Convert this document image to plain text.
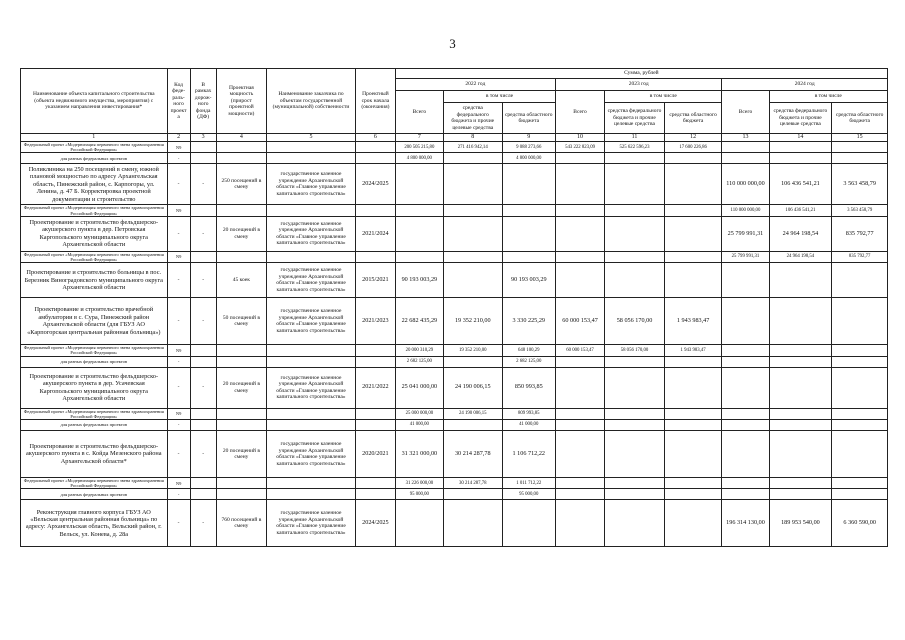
3
Наименование объекта капитального строительства (объекта недвижимого имущества, мероприятия) с указанием направления инвестирования*	Код феде-раль-ного проекта	В рамках дорож-ного фонда (ДФ)	Проектная мощность (прирост проектной мощности)	Наименование заказчика по объектам государственной (муниципальной) собственности	Проектный срок начала (окончания)	Сумма, рублей								
						2022 год			2023 год			2024 год		
						Всего	в том числе		Всего	в том числе		Всего	в том числе	
							средства федерального бюджета и прочие целевые средства	средства областного бюджета		средства федерального бюджета и прочие целевые средства	средства областного бюджета		средства федерального бюджета и прочие целевые средства	средства областного бюджета
1	2	3	4	5	6	7	8	9	10	11	12	13	14	15
Федеральный проект «Модернизация первичного звена здравоохранения Российской Федерации»	N9					200 505 215,80	271 416 942,14	9 088 273,66	543 222 823,09	525 622 596,23	17 600 226,86			
для разных федеральных проектов	-					4 800 000,00		4 800 000,00						
Поликлиника на 250 посещений в смену, южной плановой мощностью по адресу Архангельская область, Пинежский район, с. Карпогоры, ул. Ленина, д. 47 Б. Корректировка проектной документации и строительство	-	-	250 посещений в смену	государственное казенное учреждение Архангельской области «Главное управление капитального строительства»	2024/2025							110 000 000,00	106 436 541,21	3 563 458,79
Федеральный проект «Модернизация первичного звена здравоохранения Российской Федерации»	N9											110 000 000,00	106 436 541,21	3 563 458,79
Проектирование и строительство фельдшерско-акушерского пункта в дер. Петровская Каргопольского муниципального округа Архангельской области	-	-	20 посещений в смену	государственное казенное учреждение Архангельской области «Главное управление капитального строительства»	2021/2024							25 799 991,31	24 964 198,54	835 792,77
Федеральный проект «Модернизация первичного звена здравоохранения Российской Федерации»	N9											25 799 991,31	24 964 198,54	835 792,77
Проектирование и строительство больницы в пос. Березник Виноградовского муниципального округа Архангельской области	-	-	45 коек	государственное казенное учреждение Архангельской области «Главное управление капитального строительства»	2015/2021	90 193 003,29		90 193 003,29						
Проектирование и строительство врачебной амбулатории в с. Сура, Пинежский район Архангельской области (для ГБУЗ АО «Карпогорская центральная районная больница»)	-	-	50 посещений в смену	государственное казенное учреждение Архангельской области «Главное управление капитального строительства»	2021/2023	22 682 435,29	19 352 210,00	3 330 225,29	60 000 153,47	58 056 170,00	1 943 983,47			
Федеральный проект «Модернизация первичного звена здравоохранения Российской Федерации»	N9					20 000 310,29	19 352 210,00	648 100,29	60 000 153,47	58 056 170,00	1 943 983,47			
для разных федеральных проектов	-					2 682 125,00		2 682 125,00						
Проектирование и строительство фельдшерско-акушерского пункта в дер. Усачевская Каргопольского муниципального округа Архангельской области	-	-	20 посещений в смену	государственное казенное учреждение Архангельской области «Главное управление капитального строительства»	2021/2022	25 041 000,00	24 190 006,15	850 993,85						
Федеральный проект «Модернизация первичного звена здравоохранения Российской Федерации»	N9					25 000 000,00	24 190 006,15	809 993,85						
для разных федеральных проектов	-					41 000,00		41 000,00						
Проектирование и строительство фельдшерско-акушерского пункта в с. Койда Мезенского района Архангельской области*	-	-	20 посещений в смену	государственное казенное учреждение Архангельской области «Главное управление капитального строительства»	2020/2021	31 321 000,00	30 214 287,78	1 106 712,22						
Федеральный проект «Модернизация первичного звена здравоохранения Российской Федерации»	N9					31 226 000,00	30 214 287,78	1 011 712,22						
для разных федеральных проектов	-					95 000,00		95 000,00						
Реконструкция главного корпуса ГБУЗ АО «Вельская центральная районная больница» по адресу: Архангельская область, Вельский район, г. Вельск, ул. Конева, д. 28а	-	-	760 посещений в смену	государственное казенное учреждение Архангельской области «Главное управление капитального строительства»	2024/2025							196 314 130,00	189 953 540,00	6 360 590,00
